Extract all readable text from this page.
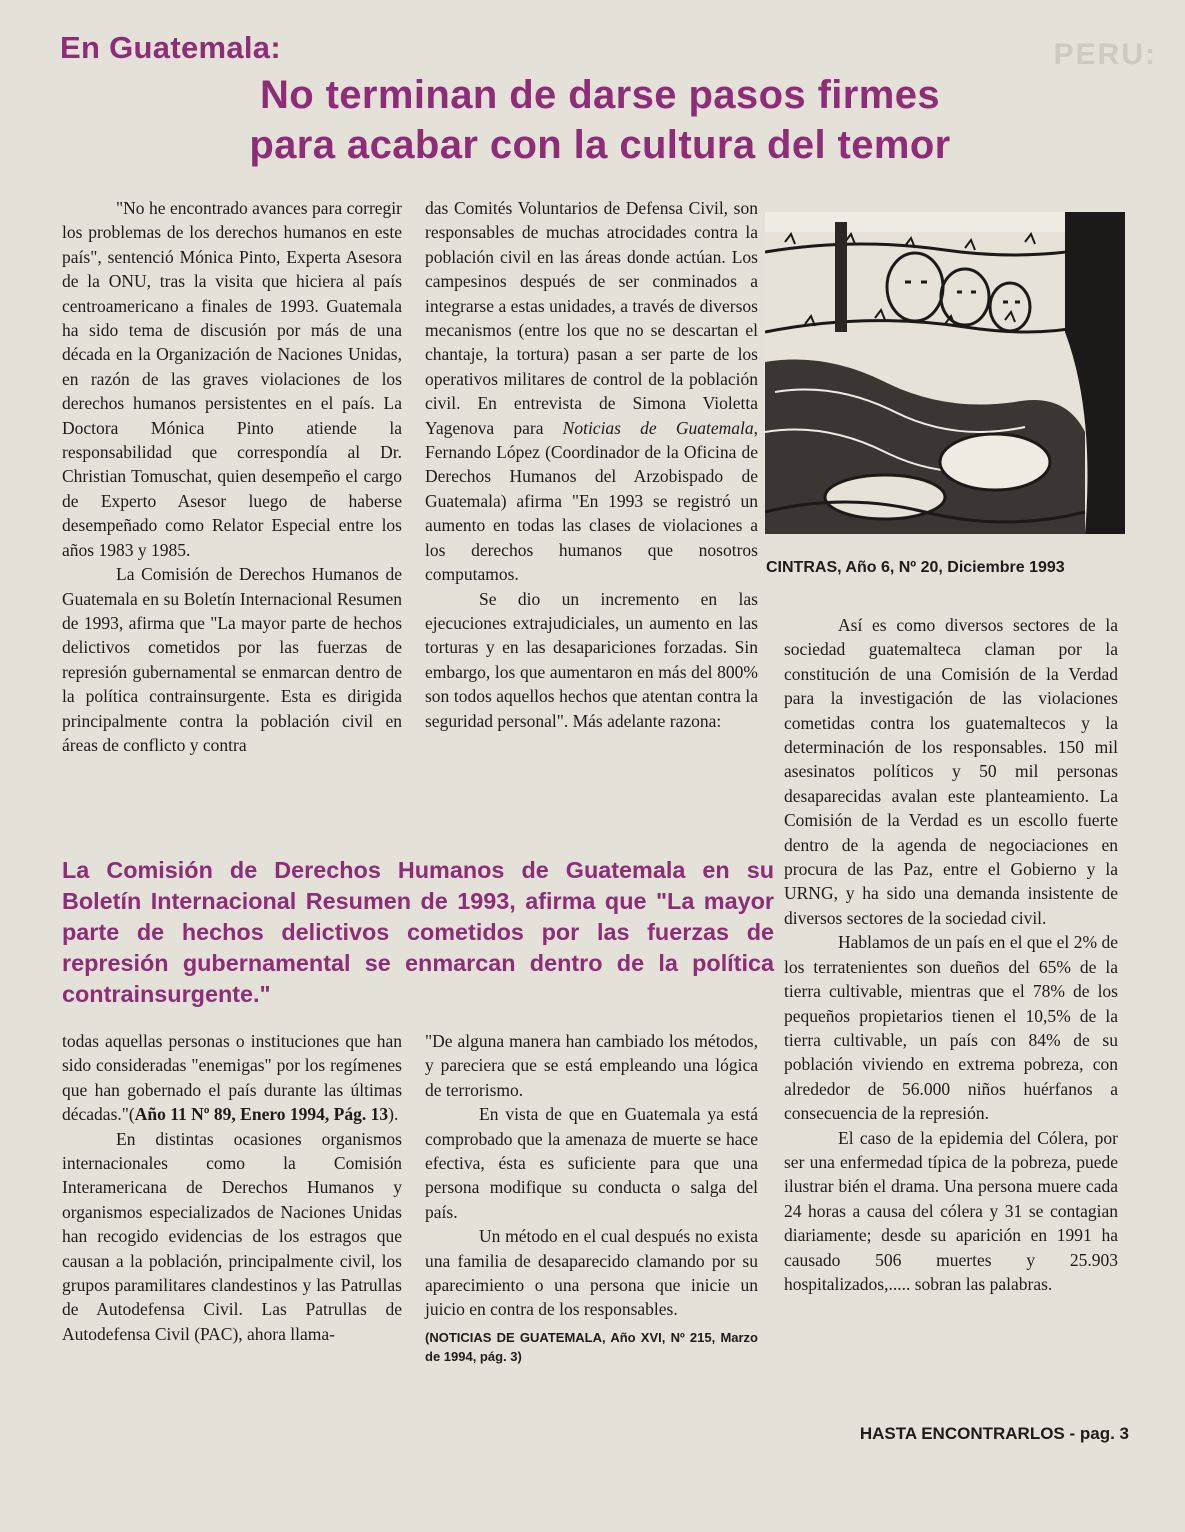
PERU:
En Guatemala:
No terminan de darse pasos firmes
para acabar con la cultura del temor

"No he encontrado avances para corregir los problemas de los derechos humanos en este país", sentenció Mónica Pinto, Experta Asesora de la ONU, tras la visita que hiciera al país centroamericano a finales de 1993. Guatemala ha sido tema de discusión por más de una década en la Organización de Naciones Unidas, en razón de las graves violaciones de los derechos humanos persistentes en el país. La Doctora Mónica Pinto atiende la responsabilidad que correspondía al Dr. Christian Tomuschat, quien desempeño el cargo de Experto Asesor luego de haberse desempeñado como Relator Especial entre los años 1983 y 1985.

La Comisión de Derechos Humanos de Guatemala en su Boletín Internacional Resumen de 1993, afirma que "La mayor parte de hechos delictivos cometidos por las fuerzas de represión gubernamental se enmarcan dentro de la política contrainsurgente. Esta es dirigida principalmente contra la población civil en áreas de conflicto y contra

das Comités Voluntarios de Defensa Civil, son responsables de muchas atrocidades contra la población civil en las áreas donde actúan. Los campesinos después de ser conminados a integrarse a estas unidades, a través de diversos mecanismos (entre los que no se descartan el chantaje, la tortura) pasan a ser parte de los operativos militares de control de la población civil. En entrevista de Simona Violetta Yagenova para Noticias de Guatemala, Fernando López (Coordinador de la Oficina de Derechos Humanos del Arzobispado de Guatemala) afirma "En 1993 se registró un aumento en todas las clases de violaciones a los derechos humanos que nosotros computamos.

Se dio un incremento en las ejecuciones extrajudiciales, un aumento en las torturas y en las desapariciones forzadas. Sin embargo, los que aumentaron en más del 800% son todos aquellos hechos que atentan contra la seguridad personal". Más adelante razona:

CINTRAS, Año 6, Nº 20, Diciembre 1993

Así es como diversos sectores de la sociedad guatemalteca claman por la constitución de una Comisión de la Verdad para la investigación de las violaciones cometidas contra los guatemaltecos y la determinación de los responsables. 150 mil asesinatos políticos y 50 mil personas desaparecidas avalan este planteamiento. La Comisión de la Verdad es un escollo fuerte dentro de la agenda de negociaciones en procura de las Paz, entre el Gobierno y la URNG, y ha sido una demanda insistente de diversos sectores de la sociedad civil.

Hablamos de un país en el que el 2% de los terratenientes son dueños del 65% de la tierra cultivable, mientras que el 78% de los pequeños propietarios tienen el 10,5% de la tierra cultivable, un país con 84% de su población viviendo en extrema pobreza, con alrededor de 56.000 niños huérfanos a consecuencia de la represión.

El caso de la epidemia del Cólera, por ser una enfermedad típica de la pobreza, puede ilustrar bién el drama. Una persona muere cada 24 horas a causa del cólera y 31 se contagian diariamente; desde su aparición en 1991 ha causado 506 muertes y 25.903 hospitalizados,..... sobran las palabras.

La Comisión de Derechos Humanos de Guatemala en su Boletín Internacional Resumen de 1993, afirma que "La mayor parte de hechos delictivos cometidos por las fuerzas de represión gubernamental se enmarcan dentro de la política contrainsurgente."

todas aquellas personas o instituciones que han sido consideradas "enemigas" por los regímenes que han gobernado el país durante las últimas décadas."(Año 11 Nº 89, Enero 1994, Pág. 13).

En distintas ocasiones organismos internacionales como la Comisión Interamericana de Derechos Humanos y organismos especializados de Naciones Unidas han recogido evidencias de los estragos que causan a la población, principalmente civil, los grupos paramilitares clandestinos y las Patrullas de Autodefensa Civil. Las Patrullas de Autodefensa Civil (PAC), ahora llama-

"De alguna manera han cambiado los métodos, y pareciera que se está empleando una lógica de terrorismo.

En vista de que en Guatemala ya está comprobado que la amenaza de muerte se hace efectiva, ésta es suficiente para que una persona modifique su conducta o salga del país.

Un método en el cual después no exista una familia de desaparecido clamando por su aparecimiento o una persona que inicie un juicio en contra de los responsables.

(NOTICIAS DE GUATEMALA, Año XVI, Nº 215, Marzo de 1994, pág. 3)

HASTA ENCONTRARLOS - pag. 3
